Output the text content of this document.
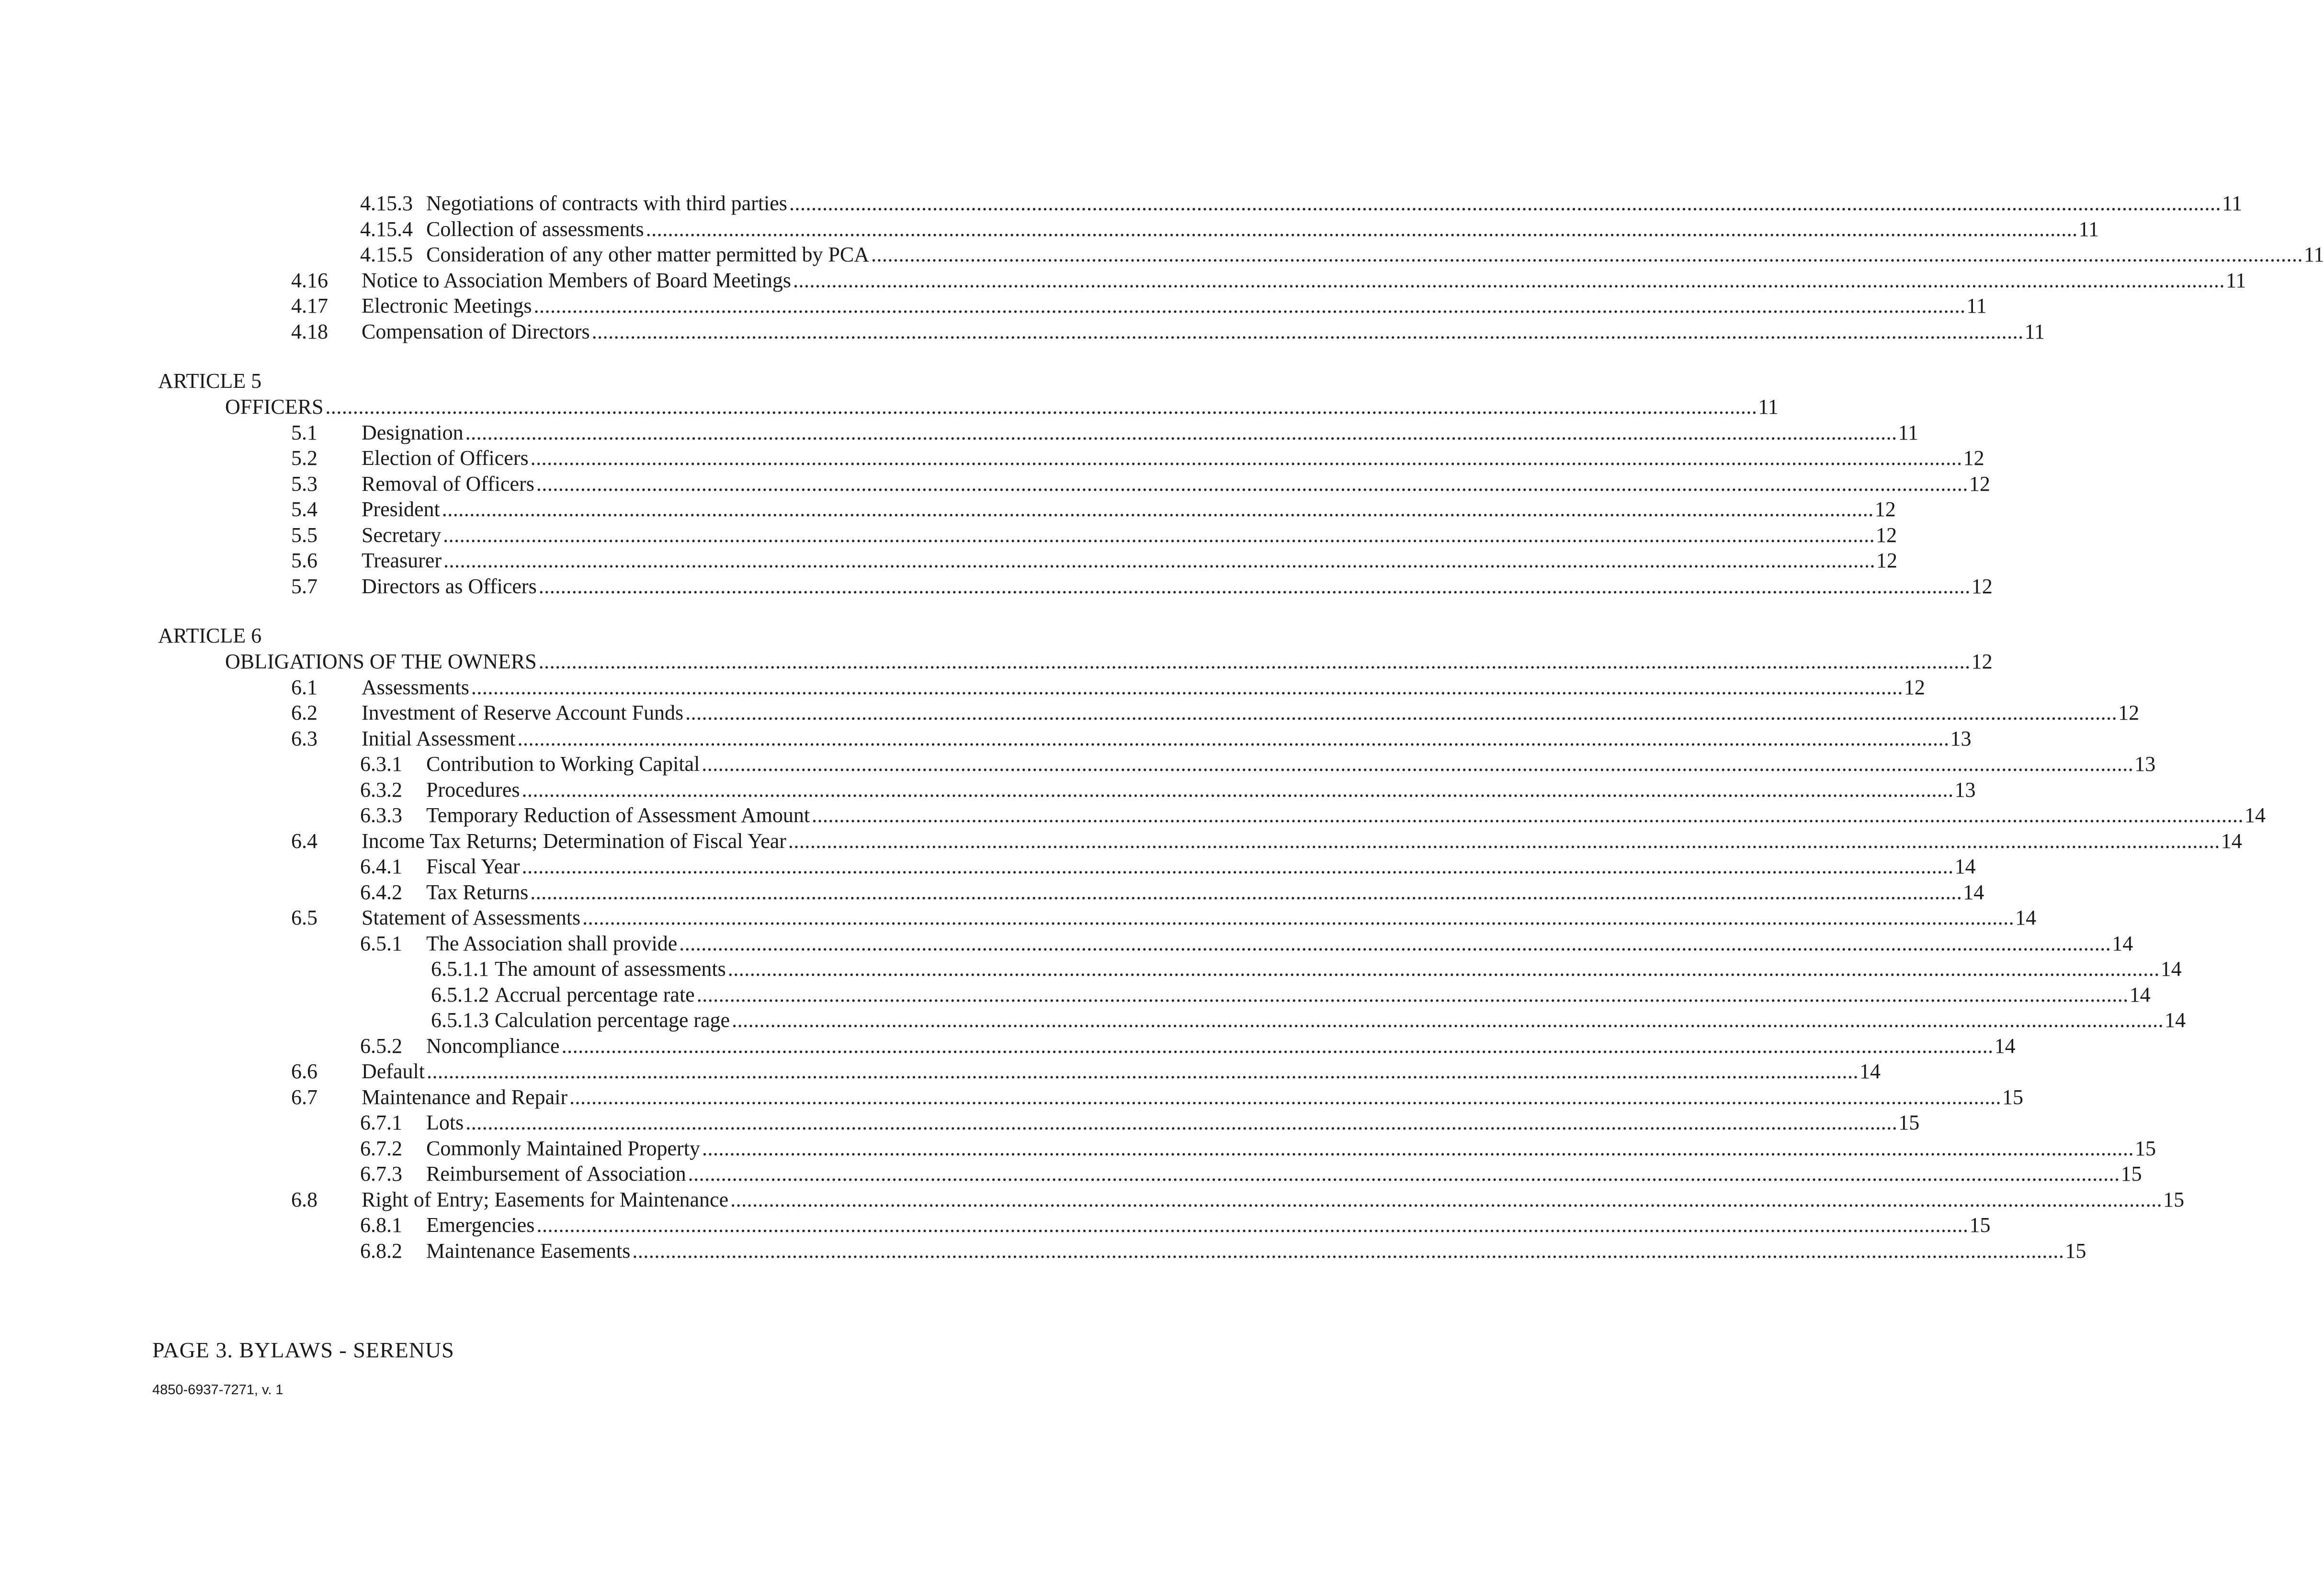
4.15.3 Negotiations of contracts with third parties .................................................................................................................................................................................................................................................................... 11
4.15.4 Collection of assessments .................................................................................................................................................................................................................................................................... 11
4.15.5 Consideration of any other matter permitted by PCA .................................................................................................................................................................................................................................................................... 11
4.16 Notice to Association Members of Board Meetings .................................................................................................................................................................................................................................................................... 11
4.17 Electronic Meetings .................................................................................................................................................................................................................................................................... 11
4.18 Compensation of Directors .................................................................................................................................................................................................................................................................... 11
ARTICLE 5
OFFICERS .................................................................................................................................................................................................................................................................... 11
5.1 Designation .................................................................................................................................................................................................................................................................... 11
5.2 Election of Officers .................................................................................................................................................................................................................................................................... 12
5.3 Removal of Officers .................................................................................................................................................................................................................................................................... 12
5.4 President .................................................................................................................................................................................................................................................................... 12
5.5 Secretary .................................................................................................................................................................................................................................................................... 12
5.6 Treasurer .................................................................................................................................................................................................................................................................... 12
5.7 Directors as Officers .................................................................................................................................................................................................................................................................... 12
ARTICLE 6
OBLIGATIONS OF THE OWNERS .................................................................................................................................................................................................................................................................... 12
6.1 Assessments .................................................................................................................................................................................................................................................................... 12
6.2 Investment of Reserve Account Funds .................................................................................................................................................................................................................................................................... 12
6.3 Initial Assessment .................................................................................................................................................................................................................................................................... 13
6.3.1 Contribution to Working Capital .................................................................................................................................................................................................................................................................... 13
6.3.2 Procedures .................................................................................................................................................................................................................................................................... 13
6.3.3 Temporary Reduction of Assessment Amount .................................................................................................................................................................................................................................................................... 14
6.4 Income Tax Returns; Determination of Fiscal Year .................................................................................................................................................................................................................................................................... 14
6.4.1 Fiscal Year .................................................................................................................................................................................................................................................................... 14
6.4.2 Tax Returns .................................................................................................................................................................................................................................................................... 14
6.5 Statement of Assessments .................................................................................................................................................................................................................................................................... 14
6.5.1 The Association shall provide .................................................................................................................................................................................................................................................................... 14
6.5.1.1 The amount of assessments .................................................................................................................................................................................................................................................................... 14
6.5.1.2 Accrual percentage rate .................................................................................................................................................................................................................................................................... 14
6.5.1.3 Calculation percentage rage .................................................................................................................................................................................................................................................................... 14
6.5.2 Noncompliance .................................................................................................................................................................................................................................................................... 14
6.6 Default .................................................................................................................................................................................................................................................................... 14
6.7 Maintenance and Repair .................................................................................................................................................................................................................................................................... 15
6.7.1 Lots .................................................................................................................................................................................................................................................................... 15
6.7.2 Commonly Maintained Property .................................................................................................................................................................................................................................................................... 15
6.7.3 Reimbursement of Association .................................................................................................................................................................................................................................................................... 15
6.8 Right of Entry; Easements for Maintenance .................................................................................................................................................................................................................................................................... 15
6.8.1 Emergencies .................................................................................................................................................................................................................................................................... 15
6.8.2 Maintenance Easements .................................................................................................................................................................................................................................................................... 15
PAGE 3. BYLAWS - SERENUS
4850-6937-7271, v. 1
